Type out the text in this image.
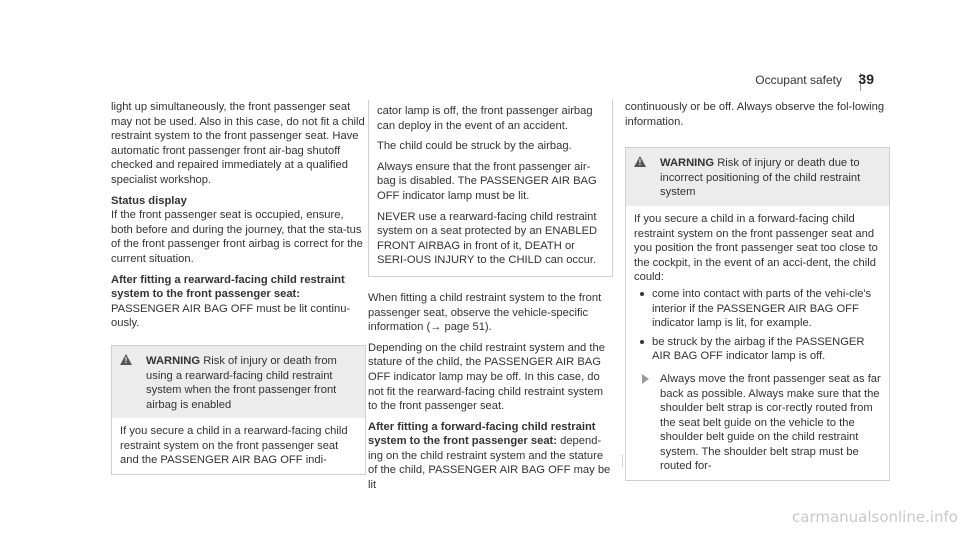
Occupant safety 39

light up simultaneously, the front passenger seat may not be used. Also in this case, do not fit a child restraint system to the front passenger seat. Have automatic front passenger front air-bag shutoff checked and repaired immediately at a qualified specialist workshop.

Status display

If the front passenger seat is occupied, ensure, both before and during the journey, that the sta-tus of the front passenger front airbag is correct for the current situation.

After fitting a rearward-facing child restraint system to the front passenger seat:

PASSENGER AIR BAG OFF must be lit continu-ously.

! WARNING Risk of injury or death from using a rearward-facing child restraint system when the front passenger front airbag is enabled
If you secure a child in a rearward-facing child restraint system on the front passenger seat and the PASSENGER AIR BAG OFF indi-

cator lamp is off, the front passenger airbag can deploy in the event of an accident.

The child could be struck by the airbag.

Always ensure that the front passenger air-bag is disabled. The PASSENGER AIR BAG OFF indicator lamp must be lit.

NEVER use a rearward-facing child restraint system on a seat protected by an ENABLED FRONT AIRBAG in front of it, DEATH or SERI-OUS INJURY to the CHILD can occur.

When fitting a child restraint system to the front passenger seat, observe the vehicle-specific information (→ page 51).

Depending on the child restraint system and the stature of the child, the PASSENGER AIR BAG OFF indicator lamp may be off. In this case, do not fit the rearward-facing child restraint system to the front passenger seat.

After fitting a forward-facing child restraint system to the front passenger seat: depend-ing on the child restraint system and the stature of the child, PASSENGER AIR BAG OFF may be lit

continuously or be off. Always observe the fol-lowing information.

! WARNING Risk of injury or death due to incorrect positioning of the child restraint system

If you secure a child in a forward-facing child restraint system on the front passenger seat and you position the front passenger seat too close to the cockpit, in the event of an acci-dent, the child could:

come into contact with parts of the vehi-cle's interior if the PASSENGER AIR BAG OFF indicator lamp is lit, for example.
be struck by the airbag if the PASSENGER AIR BAG OFF indicator lamp is off.
Always move the front passenger seat as far back as possible. Always make sure that the shoulder belt strap is cor-rectly routed from the seat belt guide on the vehicle to the shoulder belt guide on the child restraint system. The shoulder belt strap must be routed for-
carmanualsonline.info
